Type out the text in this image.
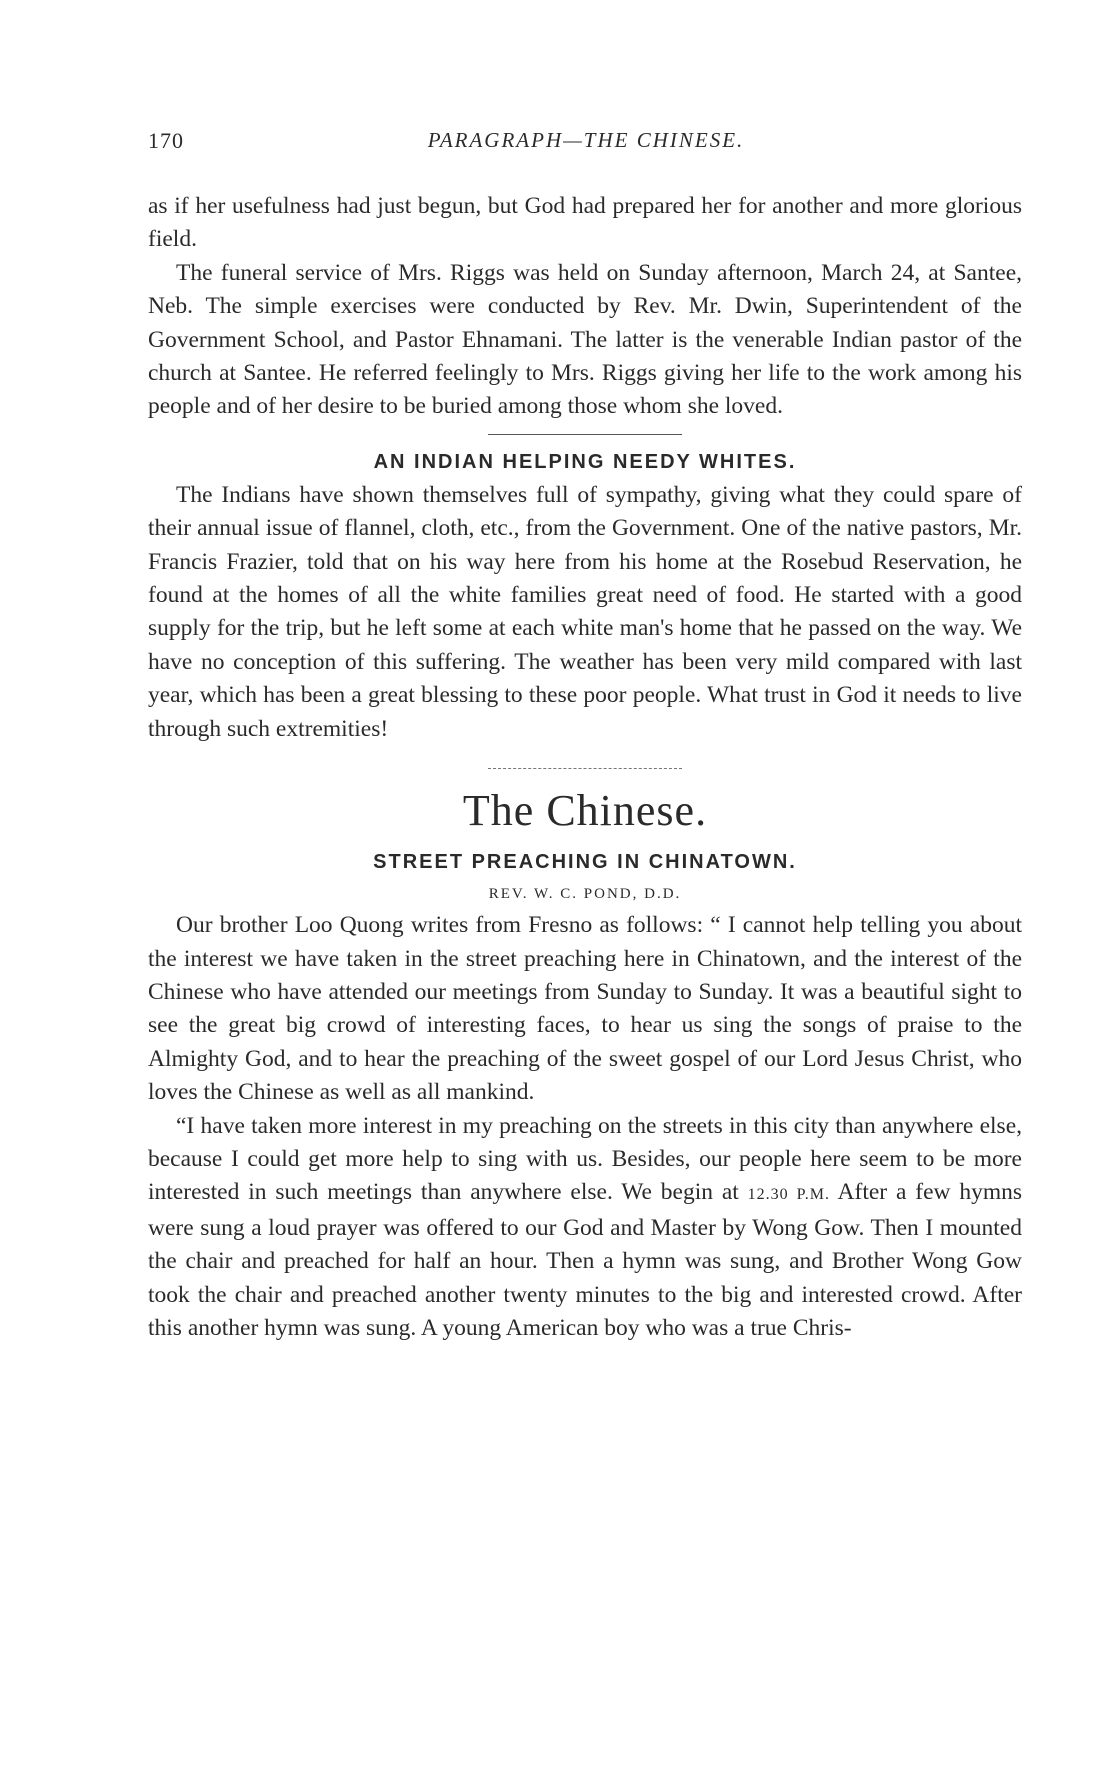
170	PARAGRAPH—THE CHINESE.

as if her usefulness had just begun, but God had prepared her for another and more glorious field.

The funeral service of Mrs. Riggs was held on Sunday afternoon, March 24, at Santee, Neb. The simple exercises were conducted by Rev. Mr. Dwin, Superintendent of the Government School, and Pastor Ehnamani. The latter is the venerable Indian pastor of the church at Santee. He referred feelingly to Mrs. Riggs giving her life to the work among his people and of her desire to be buried among those whom she loved.

AN INDIAN HELPING NEEDY WHITES.

The Indians have shown themselves full of sympathy, giving what they could spare of their annual issue of flannel, cloth, etc., from the Government. One of the native pastors, Mr. Francis Frazier, told that on his way here from his home at the Rosebud Reservation, he found at the homes of all the white families great need of food. He started with a good supply for the trip, but he left some at each white man's home that he passed on the way. We have no conception of this suffering. The weather has been very mild compared with last year, which has been a great blessing to these poor people. What trust in God it needs to live through such extremities!

The Chinese.
STREET PREACHING IN CHINATOWN.
REV. W. C. POND, D.D.

Our brother Loo Quong writes from Fresno as follows: “ I cannot help telling you about the interest we have taken in the street preaching here in Chinatown, and the interest of the Chinese who have attended our meetings from Sunday to Sunday. It was a beautiful sight to see the great big crowd of interesting faces, to hear us sing the songs of praise to the Almighty God, and to hear the preaching of the sweet gospel of our Lord Jesus Christ, who loves the Chinese as well as all mankind.

“I have taken more interest in my preaching on the streets in this city than anywhere else, because I could get more help to sing with us. Besides, our people here seem to be more interested in such meetings than anywhere else. We begin at 12.30 P.M. After a few hymns were sung a loud prayer was offered to our God and Master by Wong Gow. Then I mounted the chair and preached for half an hour. Then a hymn was sung, and Brother Wong Gow took the chair and preached another twenty minutes to the big and interested crowd. After this another hymn was sung. A young American boy who was a true Chris-
